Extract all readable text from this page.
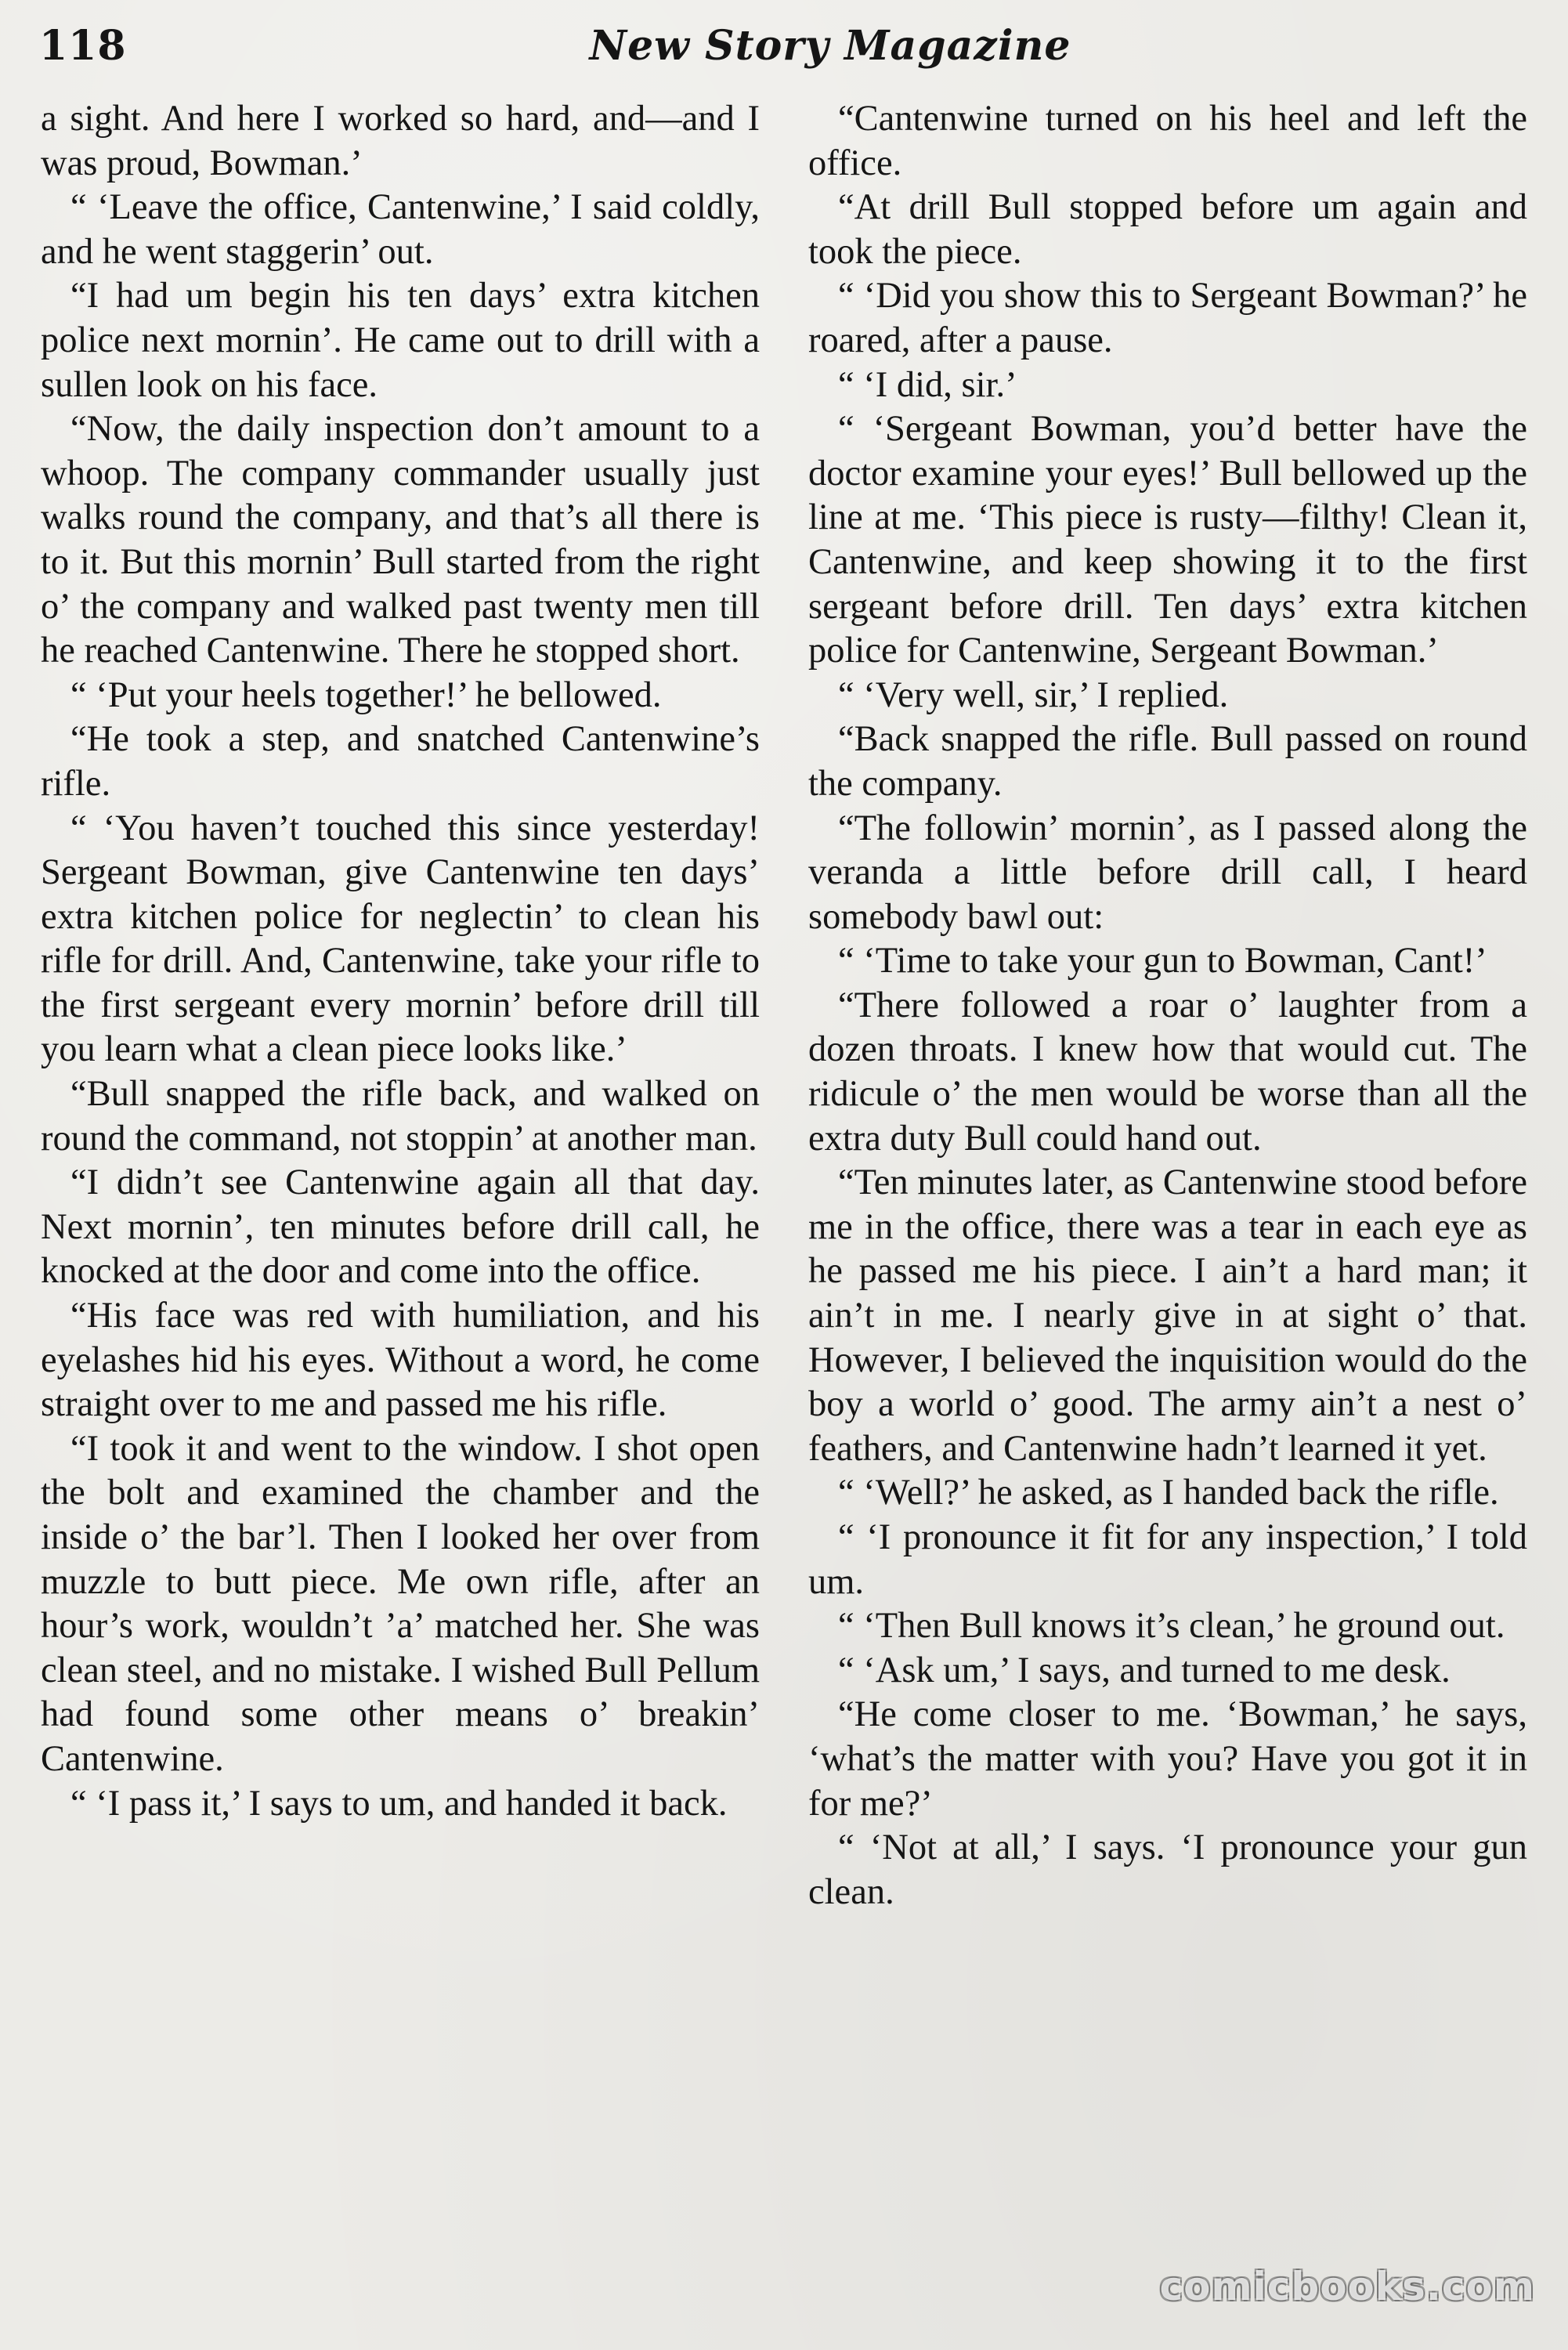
118	New Story Magazine

a sight. And here I worked so hard, and—and I was proud, Bowman.’

“ ‘Leave the office, Cantenwine,’ I said coldly, and he went staggerin’ out.

“I had um begin his ten days’ extra kitchen police next mornin’. He came out to drill with a sullen look on his face.

“Now, the daily inspection don’t amount to a whoop. The company commander usually just walks round the company, and that’s all there is to it. But this mornin’ Bull started from the right o’ the company and walked past twenty men till he reached Cantenwine. There he stopped short.

“ ‘Put your heels together!’ he bellowed.

“He took a step, and snatched Cantenwine’s rifle.

“ ‘You haven’t touched this since yesterday! Sergeant Bowman, give Cantenwine ten days’ extra kitchen police for neglectin’ to clean his rifle for drill. And, Cantenwine, take your rifle to the first sergeant every mornin’ before drill till you learn what a clean piece looks like.’

“Bull snapped the rifle back, and walked on round the command, not stoppin’ at another man.

“I didn’t see Cantenwine again all that day. Next mornin’, ten minutes before drill call, he knocked at the door and come into the office.

“His face was red with humiliation, and his eyelashes hid his eyes. Without a word, he come straight over to me and passed me his rifle.

“I took it and went to the window. I shot open the bolt and examined the chamber and the inside o’ the bar’l. Then I looked her over from muzzle to butt piece. Me own rifle, after an hour’s work, wouldn’t ’a’ matched her. She was clean steel, and no mistake. I wished Bull Pellum had found some other means o’ breakin’ Cantenwine.

“ ‘I pass it,’ I says to um, and handed it back.

“Cantenwine turned on his heel and left the office.

“At drill Bull stopped before um again and took the piece.

“ ‘Did you show this to Sergeant Bowman?’ he roared, after a pause.

“ ‘I did, sir.’

“ ‘Sergeant Bowman, you’d better have the doctor examine your eyes!’ Bull bellowed up the line at me. ‘This piece is rusty—filthy! Clean it, Cantenwine, and keep showing it to the first sergeant before drill. Ten days’ extra kitchen police for Cantenwine, Sergeant Bowman.’

“ ‘Very well, sir,’ I replied.

“Back snapped the rifle. Bull passed on round the company.

“The followin’ mornin’, as I passed along the veranda a little before drill call, I heard somebody bawl out:

“ ‘Time to take your gun to Bowman, Cant!’

“There followed a roar o’ laughter from a dozen throats. I knew how that would cut. The ridicule o’ the men would be worse than all the extra duty Bull could hand out.

“Ten minutes later, as Cantenwine stood before me in the office, there was a tear in each eye as he passed me his piece. I ain’t a hard man; it ain’t in me. I nearly give in at sight o’ that. However, I believed the inquisition would do the boy a world o’ good. The army ain’t a nest o’ feathers, and Cantenwine hadn’t learned it yet.

“ ‘Well?’ he asked, as I handed back the rifle.

“ ‘I pronounce it fit for any inspection,’ I told um.

“ ‘Then Bull knows it’s clean,’ he ground out.

“ ‘Ask um,’ I says, and turned to me desk.

“He come closer to me. ‘Bowman,’ he says, ‘what’s the matter with you? Have you got it in for me?’

“ ‘Not at all,’ I says. ‘I pronounce your gun clean.

comicbooks.com
